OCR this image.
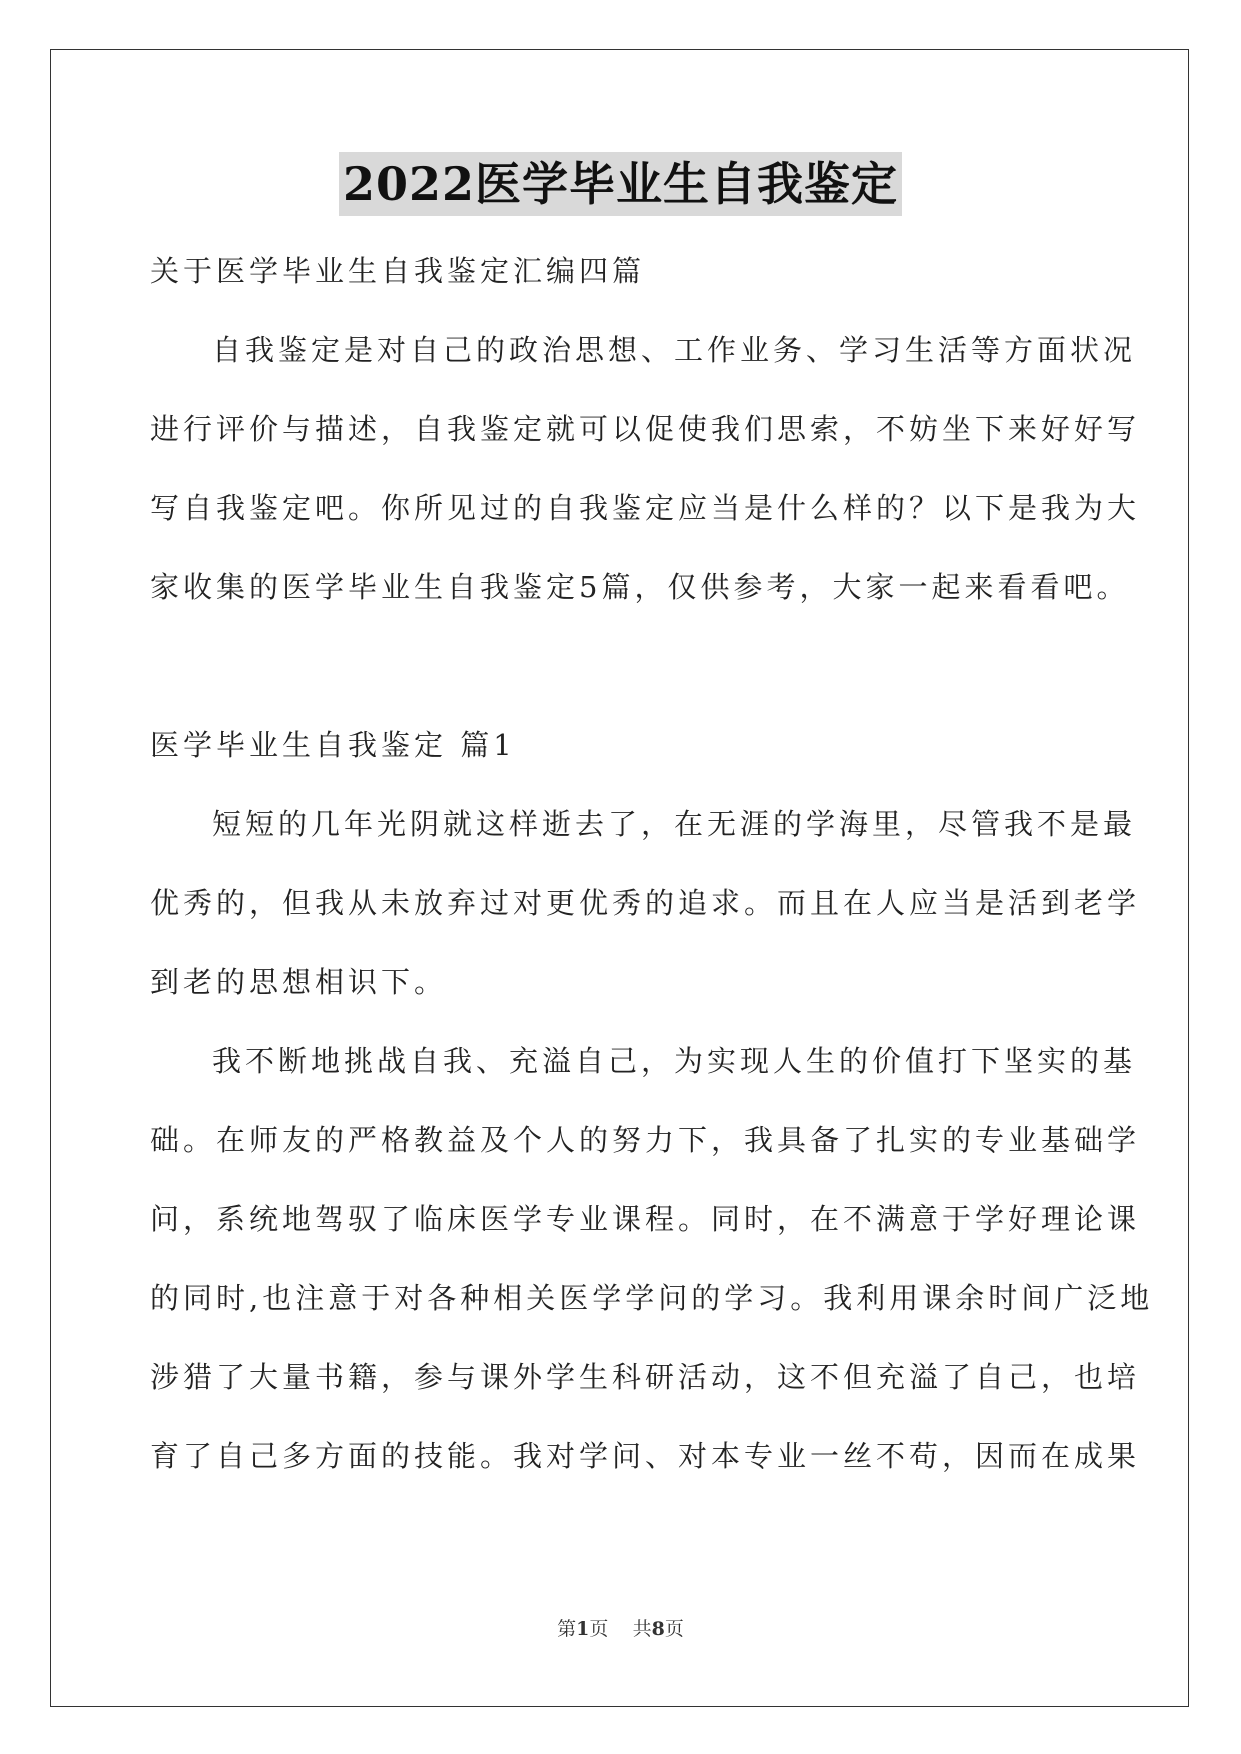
2022医学毕业生自我鉴定
关于医学毕业生自我鉴定汇编四篇
自我鉴定是对自己的政治思想、工作业务、学习生活等方面状况
进行评价与描述，自我鉴定就可以促使我们思索，不妨坐下来好好写
写自我鉴定吧。你所见过的自我鉴定应当是什么样的？以下是我为大
家收集的医学毕业生自我鉴定5篇，仅供参考，大家一起来看看吧。
医学毕业生自我鉴定 篇1
短短的几年光阴就这样逝去了，在无涯的学海里，尽管我不是最
优秀的，但我从未放弃过对更优秀的追求。而且在人应当是活到老学
到老的思想相识下。
我不断地挑战自我、充溢自己，为实现人生的价值打下坚实的基
础。在师友的严格教益及个人的努力下，我具备了扎实的专业基础学
问，系统地驾驭了临床医学专业课程。同时，在不满意于学好理论课
的同时,也注意于对各种相关医学学问的学习。我利用课余时间广泛地
涉猎了大量书籍，参与课外学生科研活动，这不但充溢了自己，也培
育了自己多方面的技能。我对学问、对本专业一丝不苟，因而在成果
第1页 共8页
